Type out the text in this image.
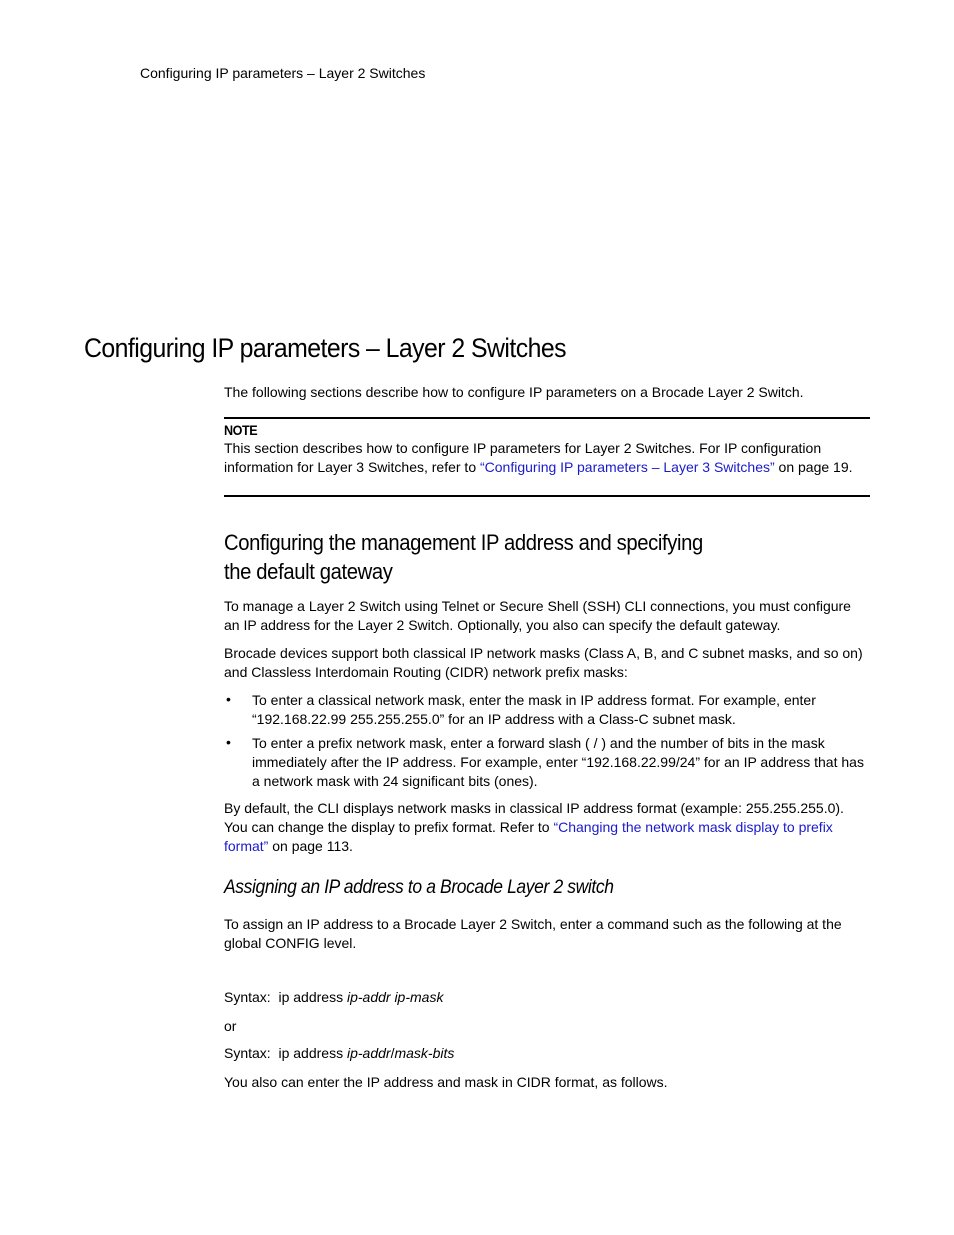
Configuring IP parameters – Layer 2 Switches
Configuring IP parameters – Layer 2 Switches
The following sections describe how to configure IP parameters on a Brocade Layer 2 Switch.
NOTE
This section describes how to configure IP parameters for Layer 2 Switches. For IP configuration information for Layer 3 Switches, refer to “Configuring IP parameters – Layer 3 Switches” on page 19.
Configuring the management IP address and specifying
the default gateway
To manage a Layer 2 Switch using Telnet or Secure Shell (SSH) CLI connections, you must configure an IP address for the Layer 2 Switch. Optionally, you also can specify the default gateway.
Brocade devices support both classical IP network masks (Class A, B, and C subnet masks, and so on) and Classless Interdomain Routing (CIDR) network prefix masks:
• To enter a classical network mask, enter the mask in IP address format. For example, enter “192.168.22.99 255.255.255.0” for an IP address with a Class-C subnet mask.
• To enter a prefix network mask, enter a forward slash ( / ) and the number of bits in the mask immediately after the IP address. For example, enter “192.168.22.99/24” for an IP address that has a network mask with 24 significant bits (ones).
By default, the CLI displays network masks in classical IP address format (example: 255.255.255.0). You can change the display to prefix format. Refer to “Changing the network mask display to prefix format” on page 113.
Assigning an IP address to a Brocade Layer 2 switch
To assign an IP address to a Brocade Layer 2 Switch, enter a command such as the following at the global CONFIG level.
Syntax: ip address ip-addr ip-mask
or
Syntax: ip address ip-addr/mask-bits
You also can enter the IP address and mask in CIDR format, as follows.
